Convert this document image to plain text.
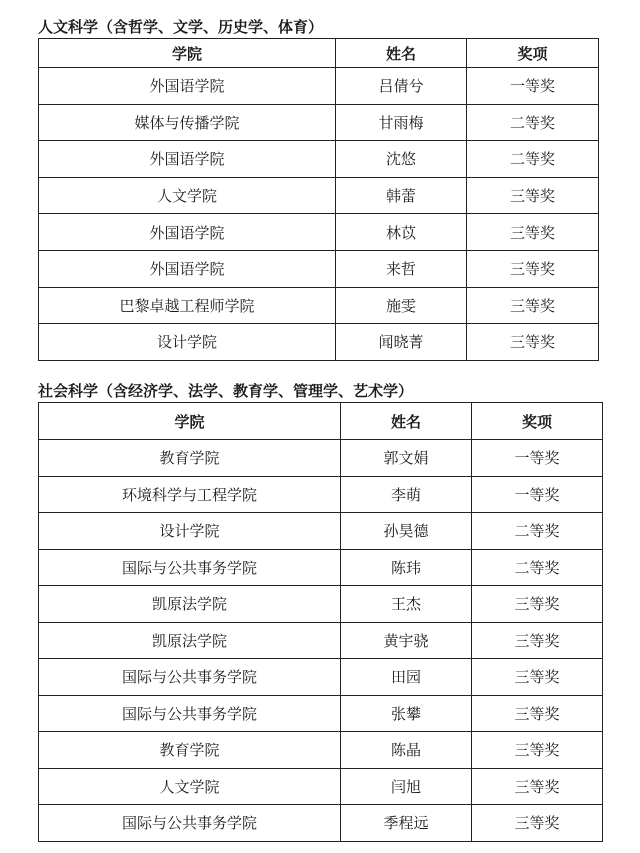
人文科学（含哲学、文学、历史学、体育）
学院	姓名	奖项
外国语学院	吕倩兮	一等奖
媒体与传播学院	甘雨梅	二等奖
外国语学院	沈悠	二等奖
人文学院	韩蕾	三等奖
外国语学院	林苡	三等奖
外国语学院	来哲	三等奖
巴黎卓越工程师学院	施雯	三等奖
设计学院	闻晓菁	三等奖
社会科学（含经济学、法学、教育学、管理学、艺术学）
学院	姓名	奖项
教育学院	郭文娟	一等奖
环境科学与工程学院	李萌	一等奖
设计学院	孙昊德	二等奖
国际与公共事务学院	陈玮	二等奖
凯原法学院	王杰	三等奖
凯原法学院	黄宇骁	三等奖
国际与公共事务学院	田园	三等奖
国际与公共事务学院	张攀	三等奖
教育学院	陈晶	三等奖
人文学院	闫旭	三等奖
国际与公共事务学院	季程远	三等奖
